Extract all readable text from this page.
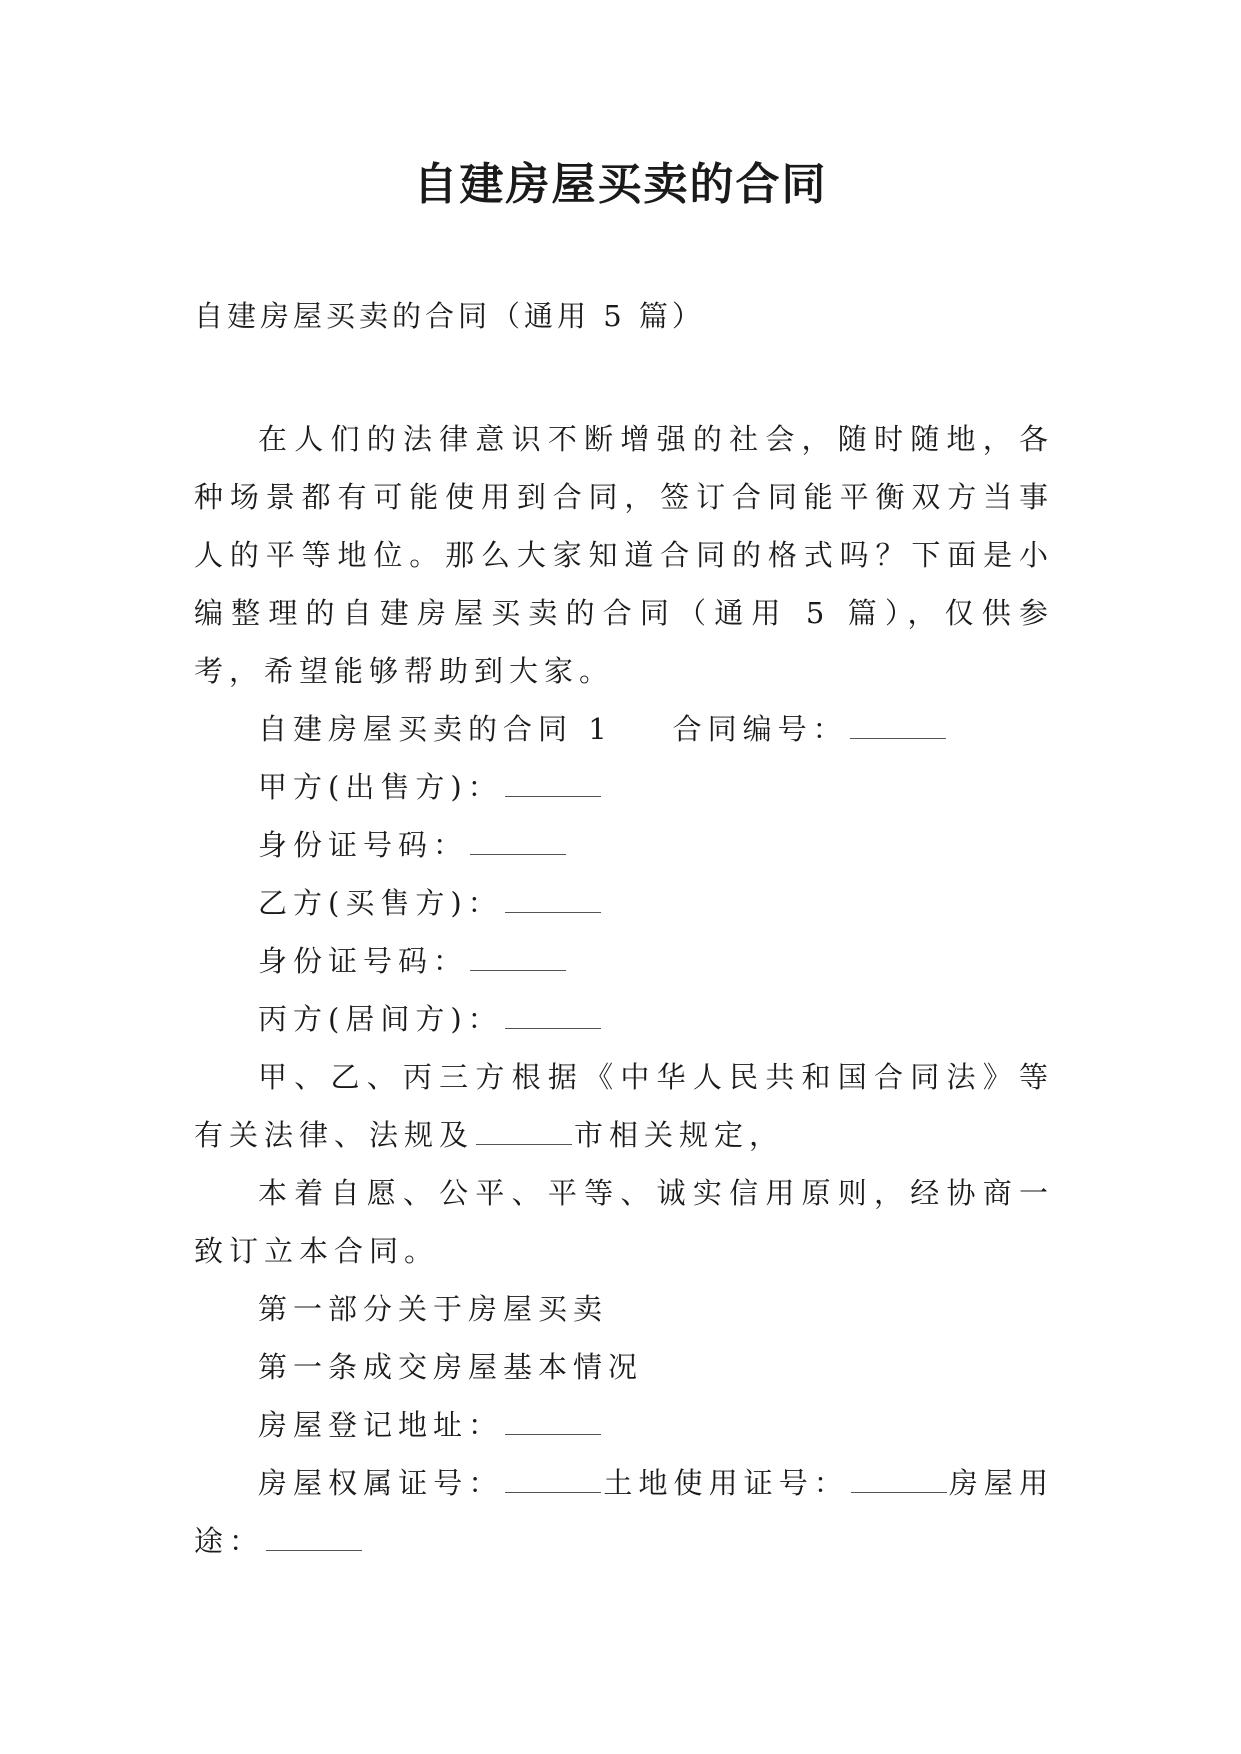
自建房屋买卖的合同
自建房屋买卖的合同（通用 5 篇）

在人们的法律意识不断增强的社会，随时随地，各种场景都有可能使用到合同，签订合同能平衡双方当事人的平等地位。那么大家知道合同的格式吗？下面是小编整理的自建房屋买卖的合同（通用 5 篇），仅供参考，希望能够帮助到大家。

自建房屋买卖的合同 1 合同编号：

甲方(出售方)：

身份证号码：

乙方(买售方)：

身份证号码：

丙方(居间方)：

甲、乙、丙三方根据《中华人民共和国合同法》等有关法律、法规及	市相关规定，

本着自愿、公平、平等、诚实信用原则，经协商一致订立本合同。

第一部分关于房屋买卖

第一条成交房屋基本情况

房屋登记地址：

房屋权属证号：	土地使用证号：	房屋用途：
